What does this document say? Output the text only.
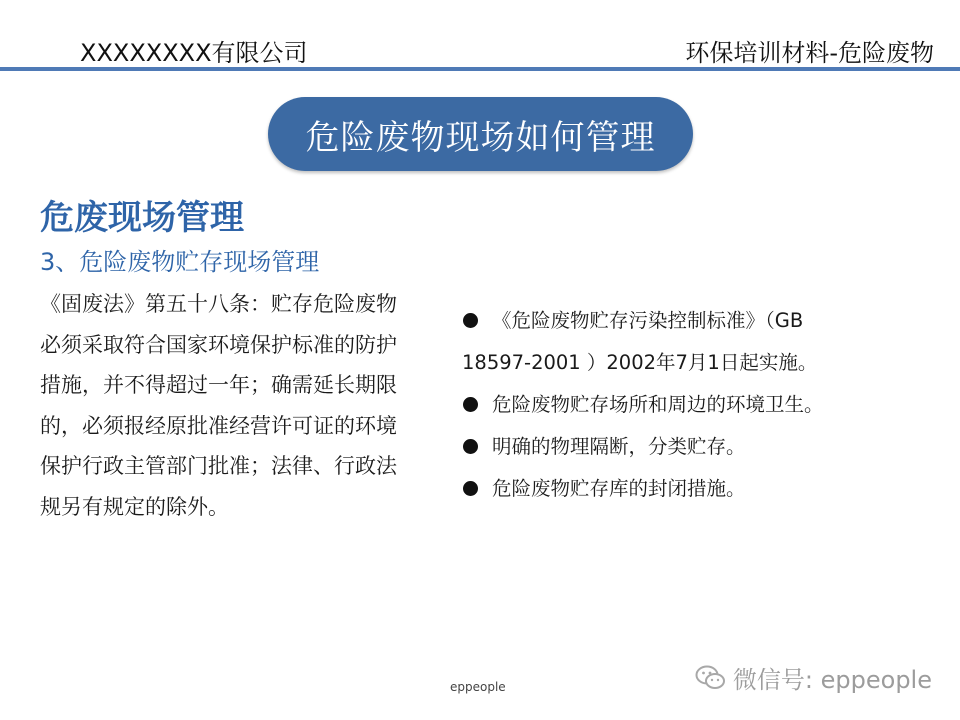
XXXXXXXX有限公司	环保培训材料-危险废物
危险废物现场如何管理
危废现场管理
3、危险废物贮存现场管理
《固废法》第五十八条：贮存危险废物必须采取符合国家环境保护标准的防护措施，并不得超过一年；确需延长期限的，必须报经原批准经营许可证的环境保护行政主管部门批准；法律、行政法规另有规定的除外。
《危险废物贮存污染控制标准》（GB
18597-2001 ）2002年7月1日起实施。
危险废物贮存场所和周边的环境卫生。
明确的物理隔断，分类贮存。
危险废物贮存库的封闭措施。
eppeople	微信号: eppeople
